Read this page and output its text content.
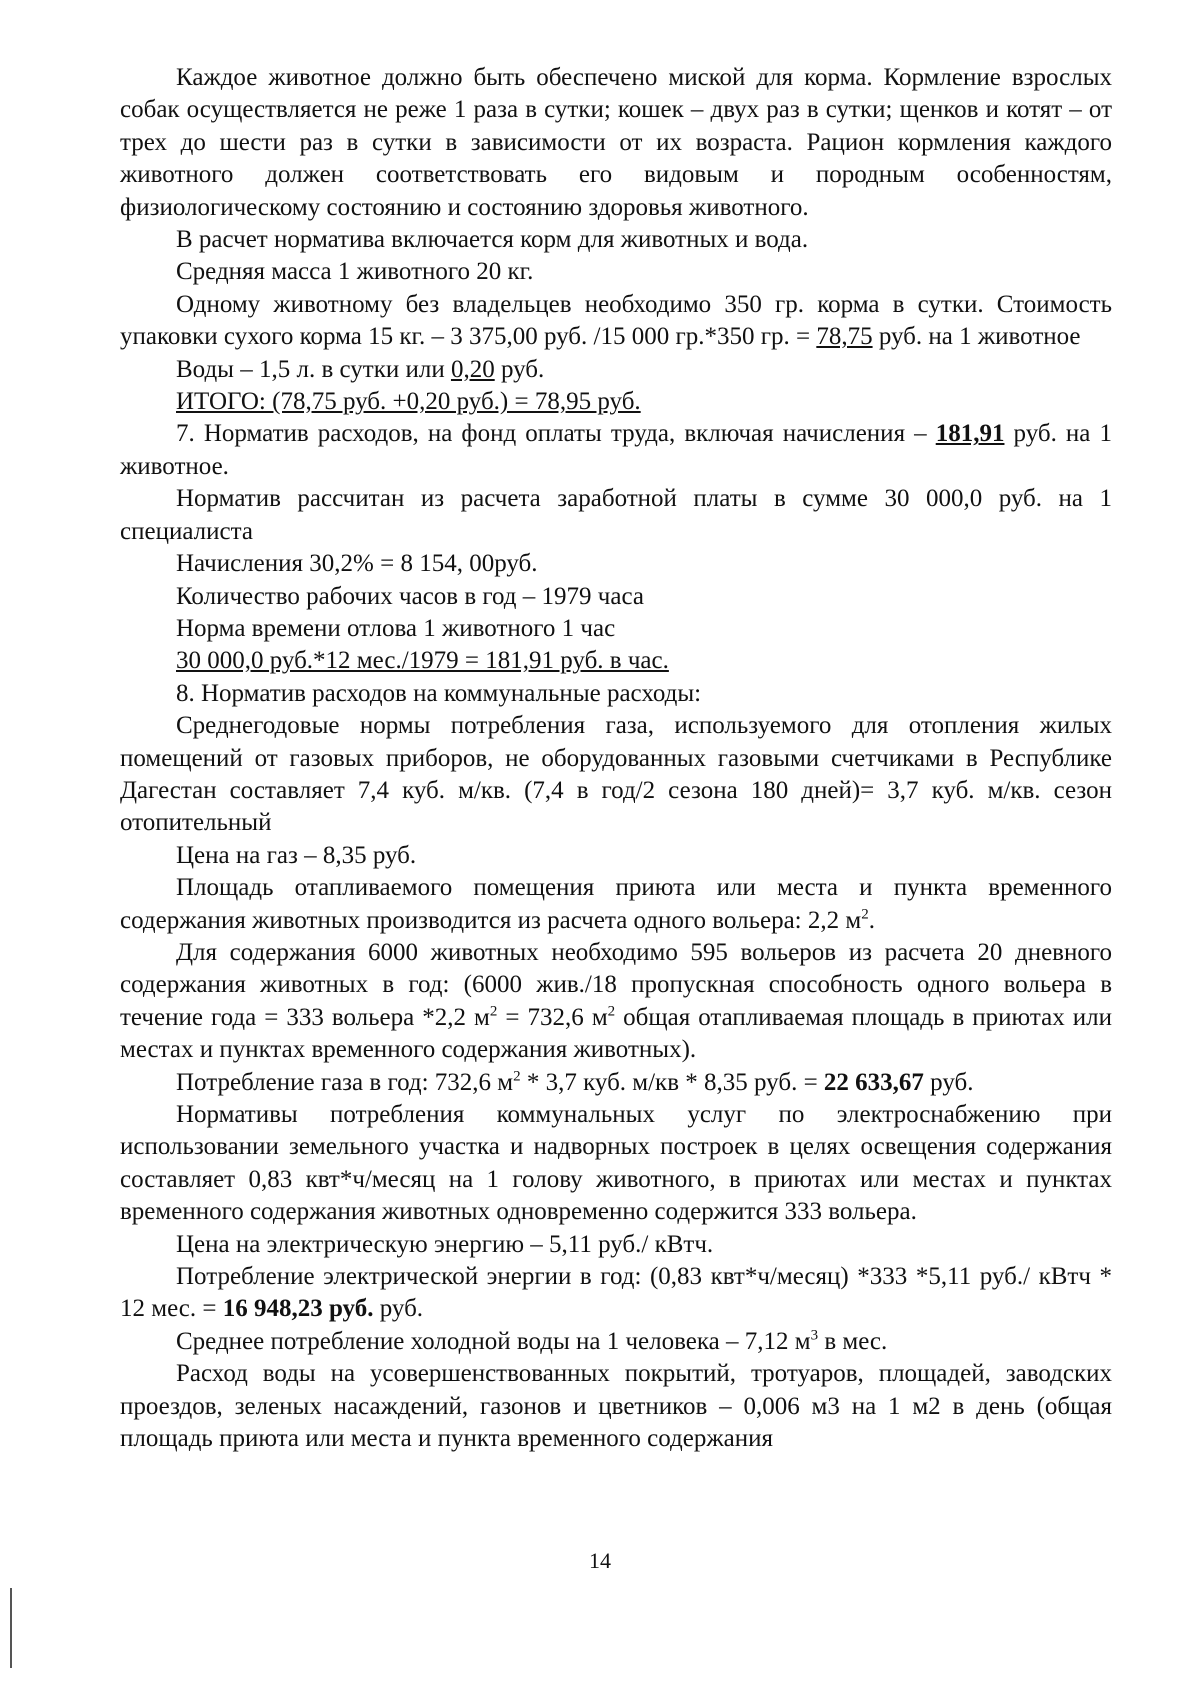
Каждое животное должно быть обеспечено миской для корма. Кормление взрослых собак осуществляется не реже 1 раза в сутки; кошек – двух раз в сутки; щенков и котят – от трех до шести раз в сутки в зависимости от их возраста. Рацион кормления каждого животного должен соответствовать его видовым и породным особенностям, физиологическому состоянию и состоянию здоровья животного.

В расчет норматива включается корм для животных и вода.

Средняя масса 1 животного 20 кг.

Одному животному без владельцев необходимо 350 гр. корма в сутки. Стоимость упаковки сухого корма 15 кг. – 3 375,00 руб. /15 000 гр.*350 гр. = 78,75 руб. на 1 животное

Воды – 1,5 л. в сутки или 0,20 руб.

ИТОГО: (78,75 руб. +0,20 руб.) = 78,95 руб.

7. Норматив расходов, на фонд оплаты труда, включая начисления – 181,91 руб. на 1 животное.

Норматив рассчитан из расчета заработной платы в сумме 30 000,0 руб. на 1 специалиста

Начисления 30,2% = 8 154, 00руб.
Количество рабочих часов в год – 1979 часа
Норма времени отлова 1 животного 1 час
30 000,0 руб.*12 мес./1979 = 181,91 руб. в час.
8. Норматив расходов на коммунальные расходы:

Среднегодовые нормы потребления газа, используемого для отопления жилых помещений от газовых приборов, не оборудованных газовыми счетчиками в Республике Дагестан составляет 7,4 куб. м/кв. (7,4 в год/2 сезона 180 дней)= 3,7 куб. м/кв. сезон отопительный

Цена на газ – 8,35 руб.

Площадь отапливаемого помещения приюта или места и пункта временного содержания животных производится из расчета одного вольера: 2,2 $м^2$.

Для содержания 6000 животных необходимо 595 вольеров из расчета 20 дневного содержания животных в год: (6000 жив./18 пропускная способность одного вольера в течение года = 333 вольера *2,2 $м^2 = 732,6$ $м^2$ общая отапливаемая площадь в приютах или местах и пунктах временного содержания животных).

Потребление газа в год: 732,6 $м^2 * 3,7$ куб. м/кв * 8,35 руб. = 22 633,67 руб.

Нормативы потребления коммунальных услуг по электроснабжению при использовании земельного участка и надворных построек в целях освещения содержания составляет 0,83 квт*ч/месяц на 1 голову животного, в приютах или местах и пунктах временного содержания животных одновременно содержится 333 вольера.

Цена на электрическую энергию – 5,11 руб./ кВтч.

Потребление электрической энергии в год: (0,83 квт*ч/месяц) *333 *5,11 руб./ кВтч * 12 мес. = 16 948,23 руб. руб.

Среднее потребление холодной воды на 1 человека – 7,12 $м^3$ в мес.

Расход воды на усовершенствованных покрытий, тротуаров, площадей, заводских проездов, зеленых насаждений, газонов и цветников – 0,006 м3 на 1 м2 в день (общая площадь приюта или места и пункта временного содержания

14
